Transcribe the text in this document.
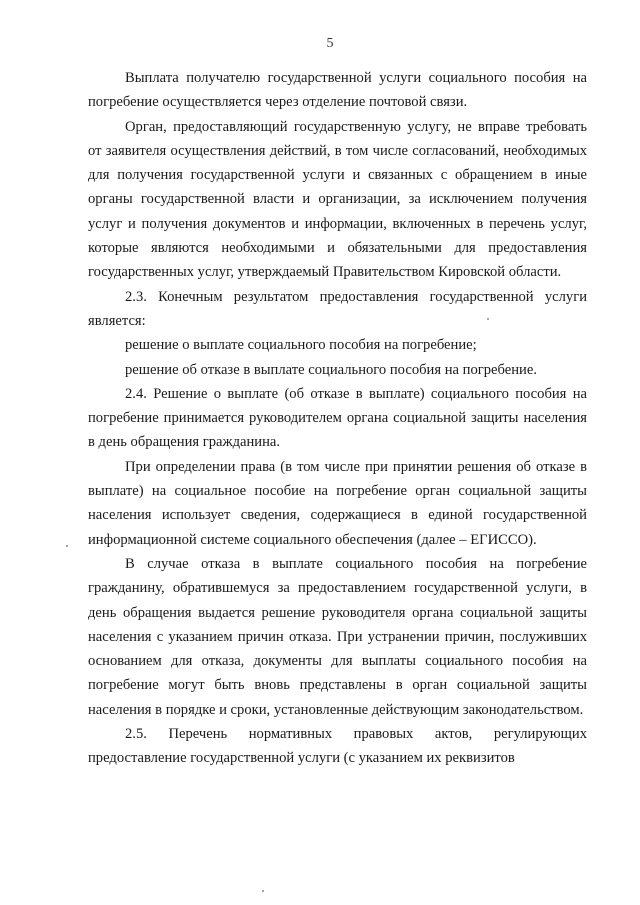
5

Выплата получателю государственной услуги социального пособия на погребение осуществляется через отделение почтовой связи.

Орган, предоставляющий государственную услугу, не вправе требовать от заявителя осуществления действий, в том числе согласований, необходимых для получения государственной услуги и связанных с обращением в иные органы государственной власти и организации, за исключением получения услуг и получения документов и информации, включенных в перечень услуг, которые являются необходимыми и обязательными для предоставления государственных услуг, утверждаемый Правительством Кировской области.

2.3. Конечным результатом предоставления государственной услуги является:

решение о выплате социального пособия на погребение;

решение об отказе в выплате социального пособия на погребение.

2.4. Решение о выплате (об отказе в выплате) социального пособия на погребение принимается руководителем органа социальной защиты населения в день обращения гражданина.

При определении права (в том числе при принятии решения об отказе в выплате) на социальное пособие на погребение орган социальной защиты населения использует сведения, содержащиеся в единой государственной информационной системе социального обеспечения (далее – ЕГИССО).

В случае отказа в выплате социального пособия на погребение гражданину, обратившемуся за предоставлением государственной услуги, в день обращения выдается решение руководителя органа социальной защиты населения с указанием причин отказа. При устранении причин, послуживших основанием для отказа, документы для выплаты социального пособия на погребение могут быть вновь представлены в орган социальной защиты населения в порядке и сроки, установленные действующим законодательством.

2.5. Перечень нормативных правовых актов, регулирующих предоставление государственной услуги (с указанием их реквизитов
